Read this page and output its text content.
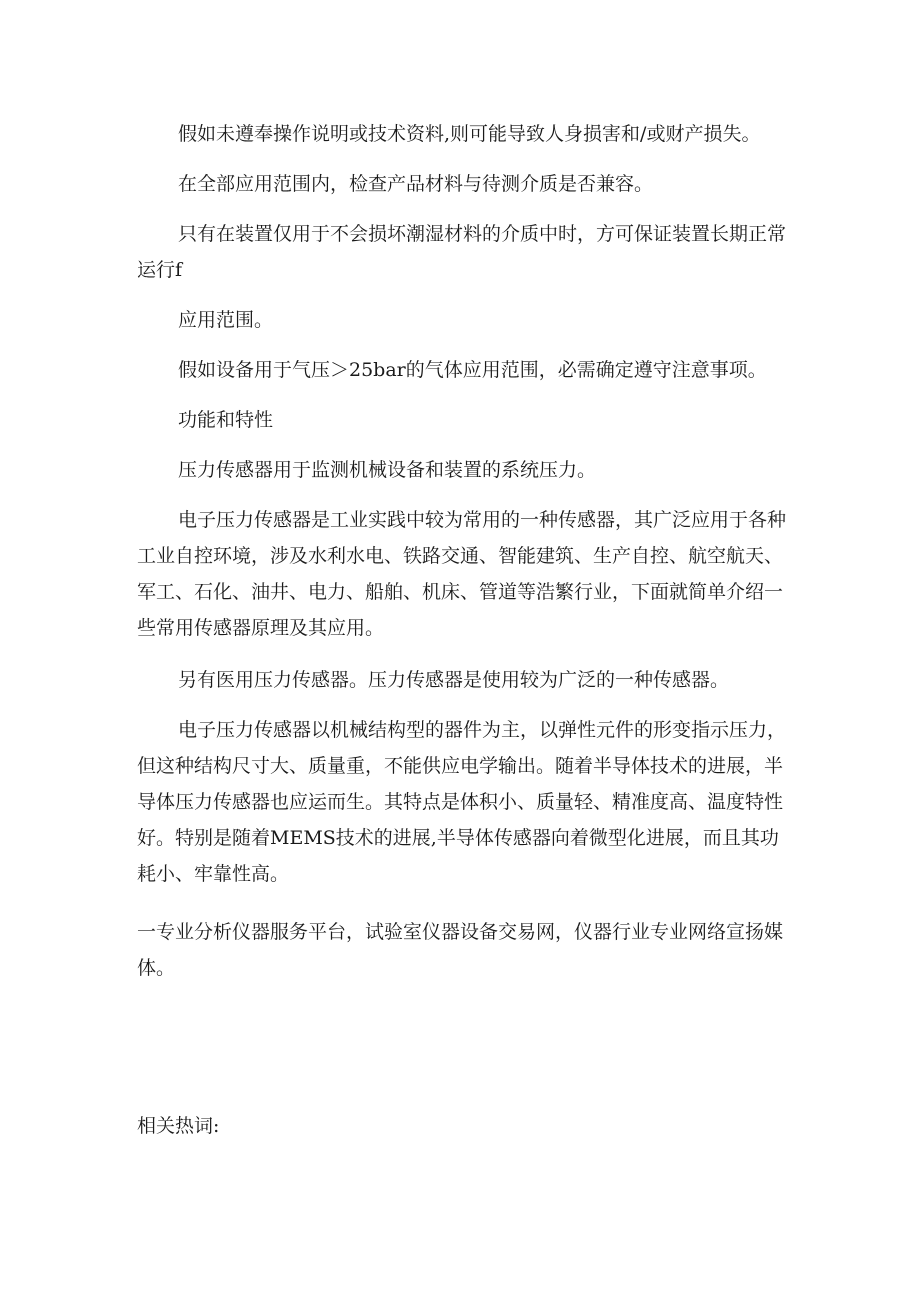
假如未遵奉操作说明或技术资料,则可能导致人身损害和/或财产损失。

在全部应用范围内，检查产品材料与待测介质是否兼容。

只有在装置仅用于不会损坏潮湿材料的介质中时，方可保证装置长期正常运行f

应用范围。

假如设备用于气压＞25bar的气体应用范围，必需确定遵守注意事项。

功能和特性

压力传感器用于监测机械设备和装置的系统压力。

电子压力传感器是工业实践中较为常用的一种传感器，其广泛应用于各种工业自控环境，涉及水利水电、铁路交通、智能建筑、生产自控、航空航天、军工、石化、油井、电力、船舶、机床、管道等浩繁行业，下面就简单介绍一些常用传感器原理及其应用。

另有医用压力传感器。压力传感器是使用较为广泛的一种传感器。

电子压力传感器以机械结构型的器件为主，以弹性元件的形变指示压力，但这种结构尺寸大、质量重，不能供应电学输出。随着半导体技术的进展，半导体压力传感器也应运而生。其特点是体积小、质量轻、精准度高、温度特性好。特别是随着MEMS技术的进展,半导体传感器向着微型化进展，而且其功耗小、牢靠性高。

一专业分析仪器服务平台，试验室仪器设备交易网，仪器行业专业网络宣扬媒体。

相关热词:
